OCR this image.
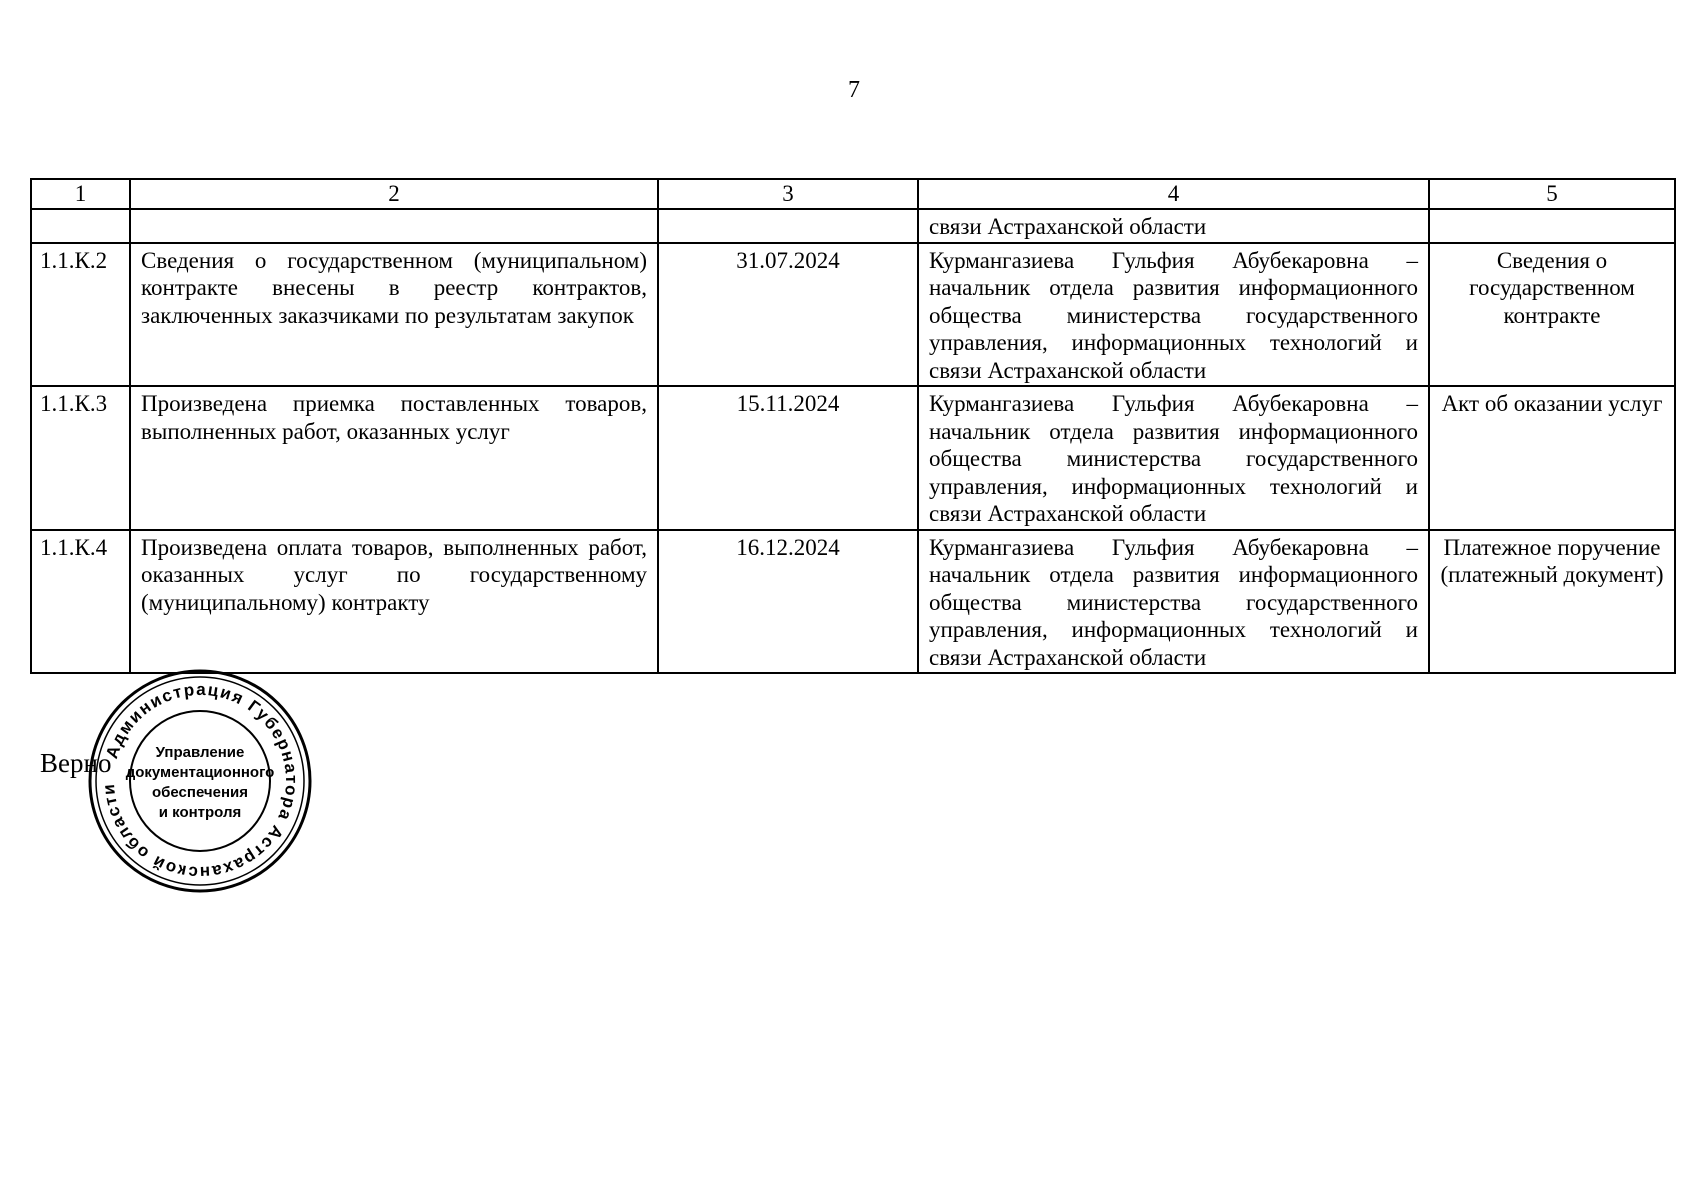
7
1	2	3	4	5
			связи Астраханской области	
1.1.К.2	Сведения о государственном (муниципальном) контракте внесены в реестр контрактов, заключенных заказчиками по результатам закупок	31.07.2024	Курмангазиева Гульфия Абубекаровна – начальник отдела развития информационного общества министерства государственного управления, информационных технологий и связи Астраханской области	Сведения о государственном контракте
1.1.К.3	Произведена приемка поставленных товаров, выполненных работ, оказанных услуг	15.11.2024	Курмангазиева Гульфия Абубекаровна – начальник отдела развития информационного общества министерства государственного управления, информационных технологий и связи Астраханской области	Акт об оказании услуг
1.1.К.4	Произведена оплата товаров, выполненных работ, оказанных услуг по государственному (муниципальному) контракту	16.12.2024	Курмангазиева Гульфия Абубекаровна – начальник отдела развития информационного общества министерства государственного управления, информационных технологий и связи Астраханской области	Платежное поручение (платежный документ)
Верно
Администрация Губернатора Астраханской области
Управление
документационного
обеспечения
и контроля
